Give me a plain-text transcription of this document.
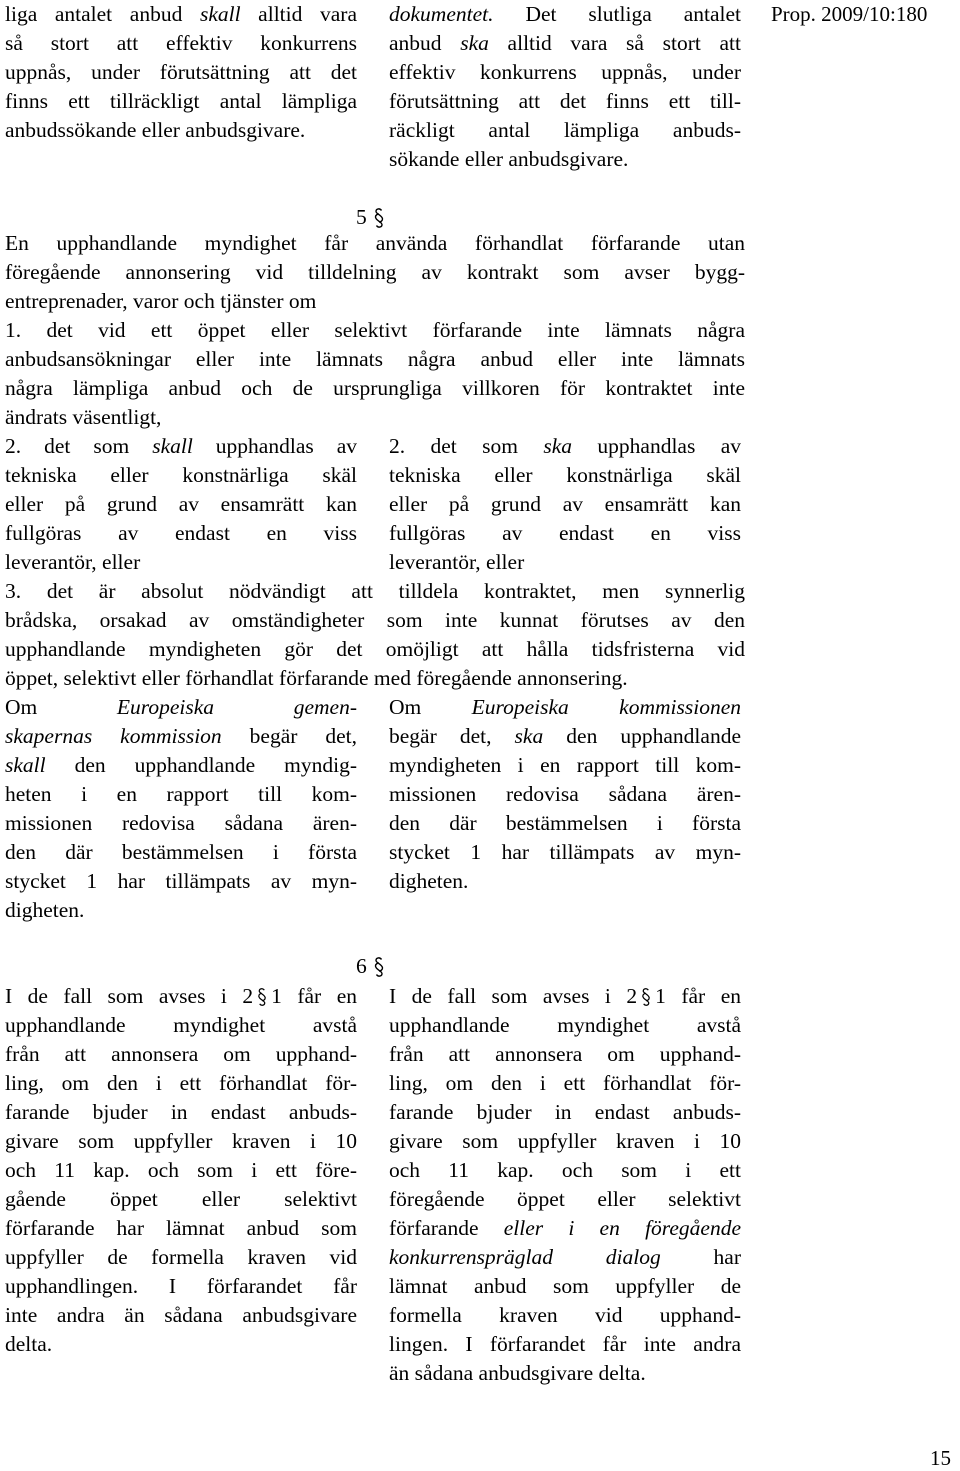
Prop. 2009/10:180
liga antalet anbud skall alltid vara
så stort att effektiv konkurrens
uppnås, under förutsättning att det
finns ett tillräckligt antal lämpliga
anbudssökande eller anbudsgivare.
dokumentet. Det slutliga antalet
anbud ska alltid vara så stort att
effektiv konkurrens uppnås, under
förutsättning att det finns ett till-
räckligt antal lämpliga anbuds-
sökande eller anbudsgivare.
5
En upphandlande myndighet får använda förhandlat förfarande utan
föregående annonsering vid tilldelning av kontrakt som avser bygg-
entreprenader, varor och tjänster om
1. det vid ett öppet eller selektivt förfarande inte lämnats några
anbudsansökningar eller inte lämnats några anbud eller inte lämnats
några lämpliga anbud och de ursprungliga villkoren för kontraktet inte
ändrats väsentligt,
2. det som skall upphandlas av
tekniska eller konstnärliga skäl
eller på grund av ensamrätt kan
fullgöras av endast en viss
leverantör, eller
2. det som ska upphandlas av
tekniska eller konstnärliga skäl
eller på grund av ensamrätt kan
fullgöras av endast en viss
leverantör, eller
3. det är absolut nödvändigt att tilldela kontraktet, men synnerlig
brådska, orsakad av omständigheter som inte kunnat förutses av den
upphandlande myndigheten gör det omöjligt att hålla tidsfristerna vid
öppet, selektivt eller förhandlat förfarande med föregående annonsering.
Om Europeiska gemen-
skapernas kommission begär det,
skall den upphandlande myndig-
heten i en rapport till kom-
missionen redovisa sådana ären-
den där bestämmelsen i första
stycket 1 har tillämpats av myn-
digheten.
Om Europeiska kommissionen
begär det, ska den upphandlande
myndigheten i en rapport till kom-
missionen redovisa sådana ären-
den där bestämmelsen i första
stycket 1 har tillämpats av myn-
digheten.
6
I de fall som avses i 2 1 får en
upphandlande myndighet avstå
från att annonsera om upphand-
ling, om den i ett förhandlat för-
farande bjuder in endast anbuds-
givare som uppfyller kraven i 10
och 11 kap. och som i ett före-
gående öppet eller selektivt
förfarande har lämnat anbud som
uppfyller de formella kraven vid
upphandlingen. I förfarandet får
inte andra än sådana anbudsgivare
delta.
I de fall som avses i 2 1 får en
upphandlande myndighet avstå
från att annonsera om upphand-
ling, om den i ett förhandlat för-
farande bjuder in endast anbuds-
givare som uppfyller kraven i 10
och 11 kap. och som i ett
föregående öppet eller selektivt
förfarande eller i en föregående
konkurrenspräglad dialog har
lämnat anbud som uppfyller de
formella kraven vid upphand-
lingen. I förfarandet får inte andra
än sådana anbudsgivare delta.
15
